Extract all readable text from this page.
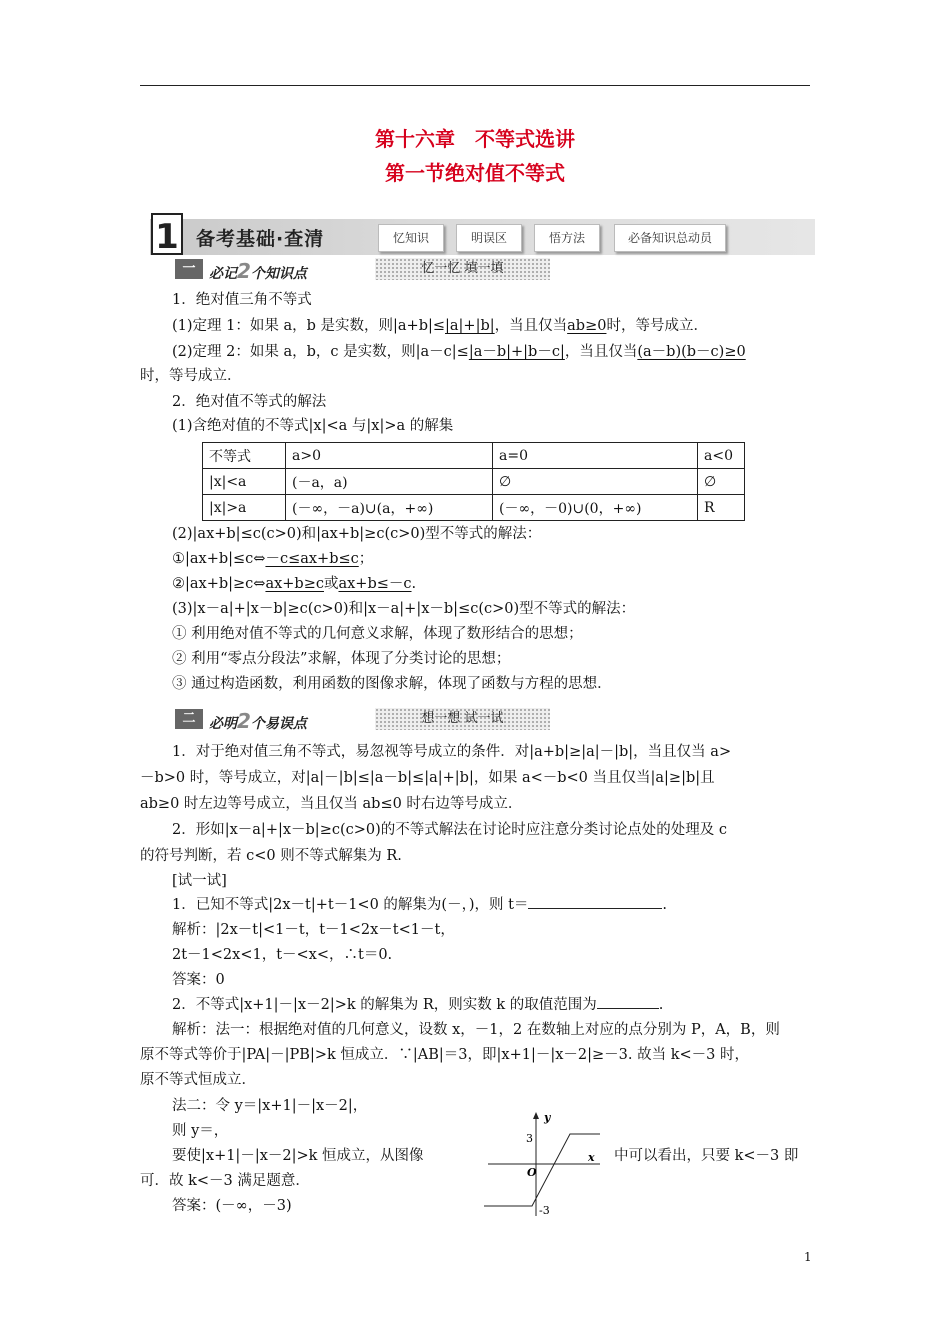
第十六章　不等式选讲
第一节绝对值不等式
1 备考基础·查清	忆知识	明误区	悟方法	必备知识总动员
一 必记2个知识点	忆一忆 填一填
1．绝对值三角不等式
(1)定理 1：如果 a，b 是实数，则|a+b|≤|a|+|b|，当且仅当ab≥0时，等号成立．
(2)定理 2：如果 a，b，c 是实数，则|a－c|≤|a－b|+|b－c|，当且仅当(a－b)(b－c)≥0
时，等号成立．
2．绝对值不等式的解法
(1)含绝对值的不等式|x|<a 与|x|>a 的解集
不等式	a>0	a=0	a<0
|x|<a	(－a，a)	∅	∅
|x|>a	(－∞，－a)∪(a，+∞)	(－∞，－0)∪(0，+∞)	R
(2)|ax+b|≤c(c>0)和|ax+b|≥c(c>0)型不等式的解法：
①|ax+b|≤c⇔－c≤ax+b≤c；
②|ax+b|≥c⇔ax+b≥c或ax+b≤－c.
(3)|x－a|+|x－b|≥c(c>0)和|x－a|+|x－b|≤c(c>0)型不等式的解法：
① 利用绝对值不等式的几何意义求解，体现了数形结合的思想；
② 利用“零点分段法”求解，体现了分类讨论的思想；
③ 通过构造函数，利用函数的图像求解，体现了函数与方程的思想．
二 必明2个易误点	想一想 试一试
1．对于绝对值三角不等式，易忽视等号成立的条件．对|a+b|≥|a|－|b|，当且仅当 a>
－b>0 时，等号成立，对|a|－|b|≤|a－b|≤|a|+|b|，如果 a<－b<0 当且仅当|a|≥|b|且
ab≥0 时左边等号成立，当且仅当 ab≤0 时右边等号成立．
2．形如|x－a|+|x－b|≥c(c>0)的不等式解法在讨论时应注意分类讨论点处的处理及 c
的符号判断，若 c<0 则不等式解集为 R.
[试一试]
1．已知不等式|2x－t|+t－1<0 的解集为(－，)，则 t＝	.
解析：|2x－t|<1－t，t－1<2x－t<1－t，
2t－1<2x<1，t－<x<，∴t＝0.
答案：0
2．不等式|x+1|－|x－2|>k 的解集为 R，则实数 k 的取值范围为	.
解析：法一：根据绝对值的几何意义，设数 x，－1，2 在数轴上对应的点分别为 P，A，B，则
原不等式等价于|PA|－|PB|>k 恒成立．∵|AB|＝3，即|x+1|－|x－2|≥－3. 故当 k<－3 时，
原不等式恒成立．
法二：令 y＝|x+1|－|x－2|，
则 y＝，
要使|x+1|－|x－2|>k 恒成立，从图像	中可以看出，只要 k<－3 即
可．故 k<－3 满足题意．
答案：(－∞，－3)
y
x
O
3
-3
1
